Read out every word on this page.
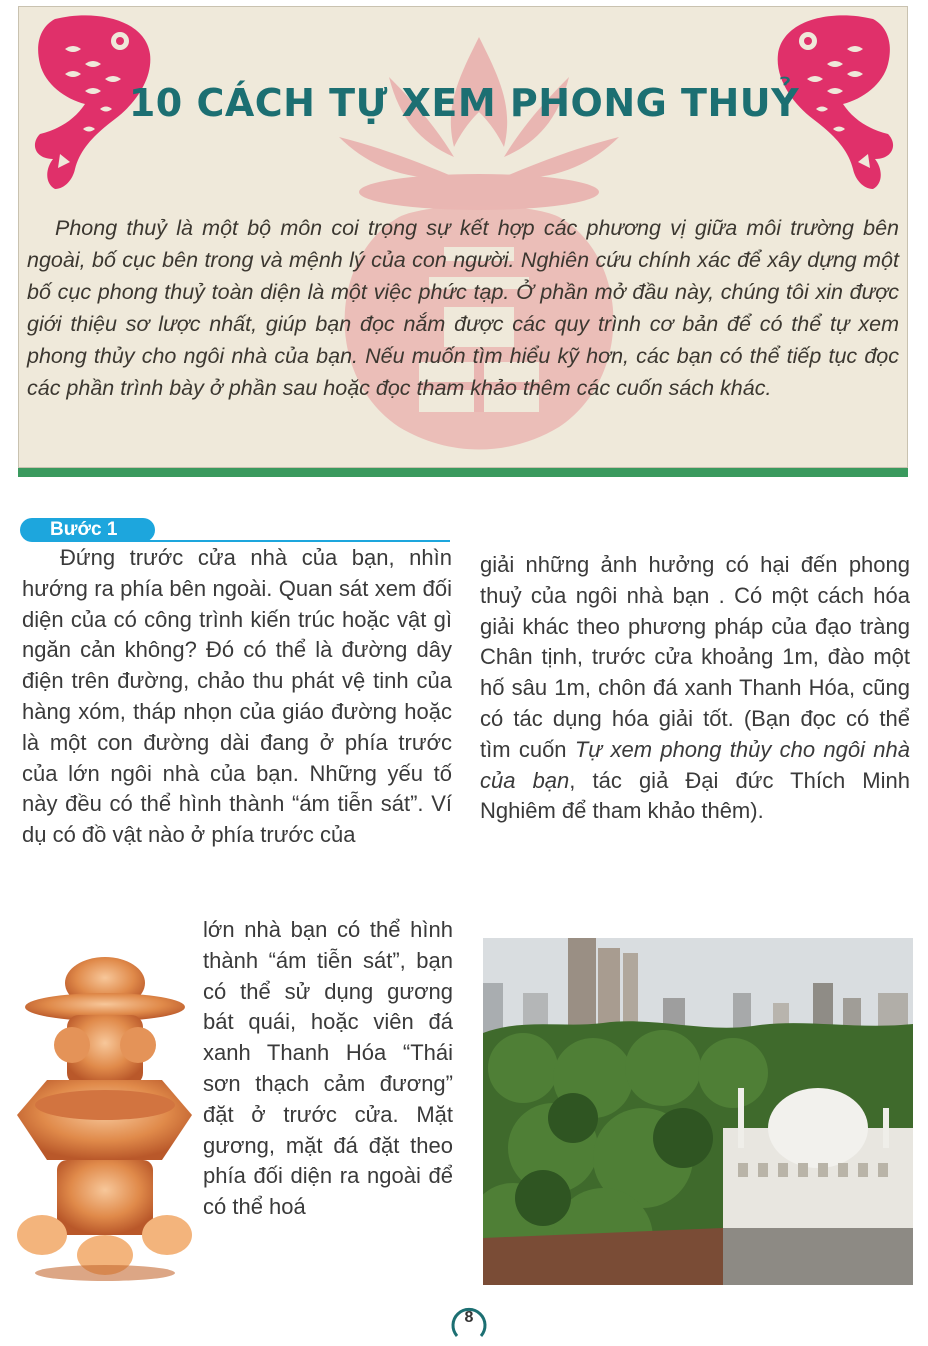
10 CÁCH TỰ XEM PHONG THUỶ

Phong thuỷ là một bộ môn coi trọng sự kết hợp các phương vị giữa môi trường bên ngoài, bố cục bên trong và mệnh lý của con người. Nghiên cứu chính xác để xây dựng một bố cục phong thuỷ toàn diện là một việc phức tạp. Ở phần mở đầu này, chúng tôi xin được giới thiệu sơ lược nhất, giúp bạn đọc nắm được các quy trình cơ bản để có thể tự xem phong thủy cho ngôi nhà của bạn. Nếu muốn tìm hiểu kỹ hơn, các bạn có thể tiếp tục đọc các phần trình bày ở phần sau hoặc đọc tham khảo thêm các cuốn sách khác.

Bước 1

Đứng trước cửa nhà của bạn, nhìn hướng ra phía bên ngoài. Quan sát xem đối diện của có công trình kiến trúc hoặc vật gì ngăn cản không? Đó có thể là đường dây điện trên đường, chảo thu phát vệ tinh của hàng xóm, tháp nhọn của giáo đường hoặc là một con đường dài đang ở phía trước của lớn ngôi nhà của bạn. Những yếu tố này đều có thể hình thành “ám tiễn sát”. Ví dụ có đồ vật nào ở phía trước của

lớn nhà bạn có thể hình thành “ám tiễn sát”, bạn có thể sử dụng gương bát quái, hoặc viên đá xanh Thanh Hóa “Thái sơn thạch cảm đương” đặt ở trước cửa. Mặt gương, mặt đá đặt theo phía đối diện ra ngoài để có thể hoá

giải những ảnh hưởng có hại đến phong thuỷ của ngôi nhà bạn . Có một cách hóa giải khác theo phương pháp của đạo tràng Chân tịnh, trước cửa khoảng 1m, đào một hố sâu 1m, chôn đá xanh Thanh Hóa, cũng có tác dụng hóa giải tốt. (Bạn đọc có thể tìm cuốn Tự xem phong thủy cho ngôi nhà của bạn, tác giả Đại đức Thích Minh Nghiêm để tham khảo thêm).

8
